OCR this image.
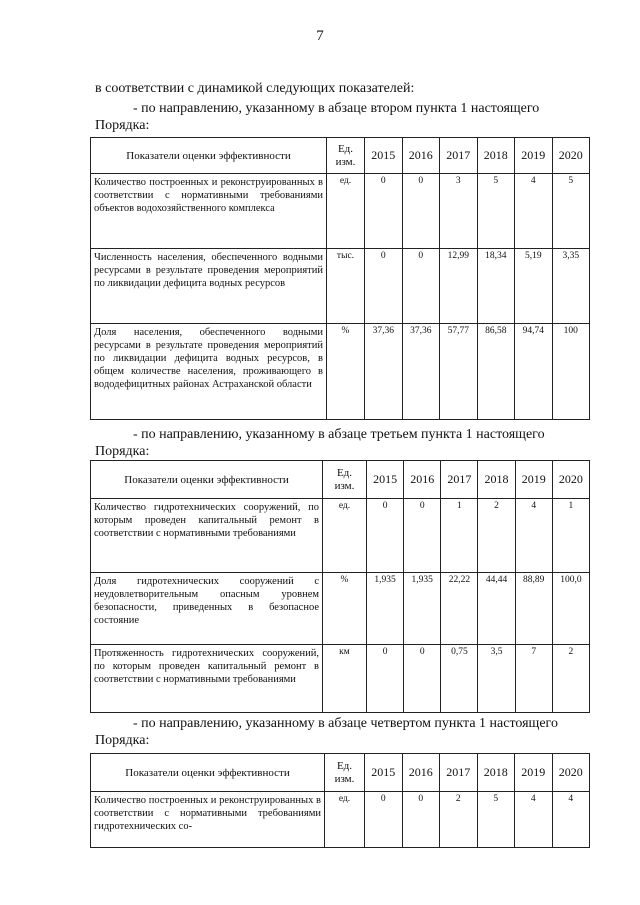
7
в соответствии с динамикой следующих показателей:
- по направлению, указанному в абзаце втором пункта 1 настоящего Порядка:
Показатели оценки эффективности	Ед. изм.	2015	2016	2017	2018	2019	2020
Количество построенных и реконструированных в соответствии с нормативными требованиями объектов водохозяйственного комплекса	ед.	0	0	3	5	4	5
Численность населения, обеспеченного водными ресурсами в результате проведения мероприятий по ликвидации дефицита водных ресурсов	тыс.	0	0	12,99	18,34	5,19	3,35
Доля населения, обеспеченного водными ресурсами в результате проведения мероприятий по ликвидации дефицита водных ресурсов, в общем количестве населения, проживающего в вододефицитных районах Астраханской области	%	37,36	37,36	57,77	86,58	94,74	100
- по направлению, указанному в абзаце третьем пункта 1 настоящего Порядка:
Показатели оценки эффективности	Ед. изм.	2015	2016	2017	2018	2019	2020
Количество гидротехнических сооружений, по которым проведен капитальный ремонт в соответствии с нормативными требованиями	ед.	0	0	1	2	4	1
Доля гидротехнических сооружений с неудовлетворительным опасным уровнем безопасности, приведенных в безопасное состояние	%	1,935	1,935	22,22	44,44	88,89	100,0
Протяженность гидротехнических сооружений, по которым проведен капитальный ремонт в соответствии с нормативными требованиями	км	0	0	0,75	3,5	7	2
- по направлению, указанному в абзаце четвертом пункта 1 настоящего Порядка:
Показатели оценки эффективности	Ед. изм.	2015	2016	2017	2018	2019	2020
Количество построенных и реконструированных в соответствии с нормативными требованиями гидротехнических со-	ед.	0	0	2	5	4	4
